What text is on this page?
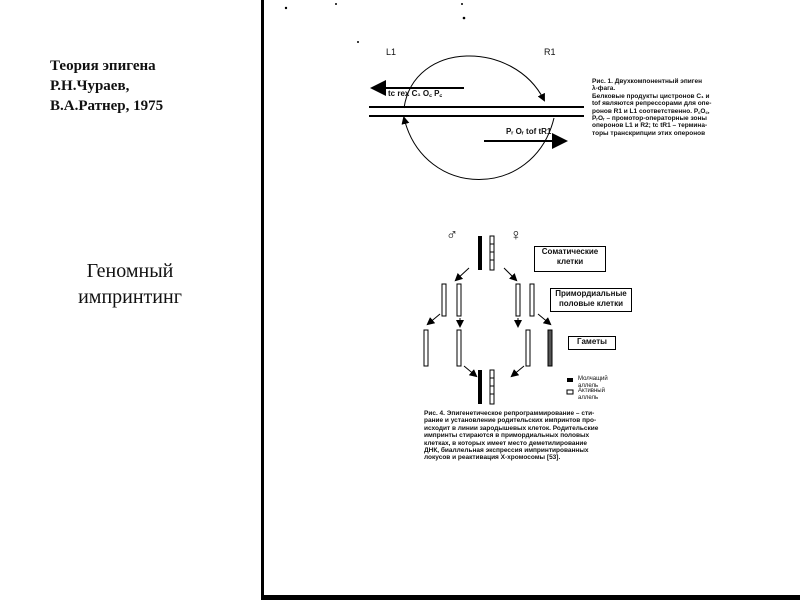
Теория эпигена
Р.Н.Чураев,
В.А.Ратнер, 1975
Геномный
импринтинг
L1	R1
tc rex C₁ O꜀ P꜀
Pᵣ Oᵣ tof tR1
Рис. 1. Двухкомпонентный эпиген
λ-фага.
Белковые продукты цистронов C₁ и
tof являются репрессорами для опе-
ронов R1 и L1 соответственно. P꜀O꜀,
PᵣOᵣ – промотор-операторные зоны
оперонов L1 и R2; tc tR1 – термина-
торы транскрипции этих оперонов
♂	♀
Соматические
клетки
Примордиальные
половые клетки
Гаметы
Молчащий
аллель
Активный
аллель
Рис. 4. Эпигенетическое репрограммирование – сти-
рание и установление родительских импринтов про-
исходит в линии зародышевых клеток. Родительские
импринты стираются в примордиальных половых
клетках, в которых имеет место деметилирование
ДНК, биаллельная экспрессия импринтированных
локусов и реактивация X-хромосомы [53].
